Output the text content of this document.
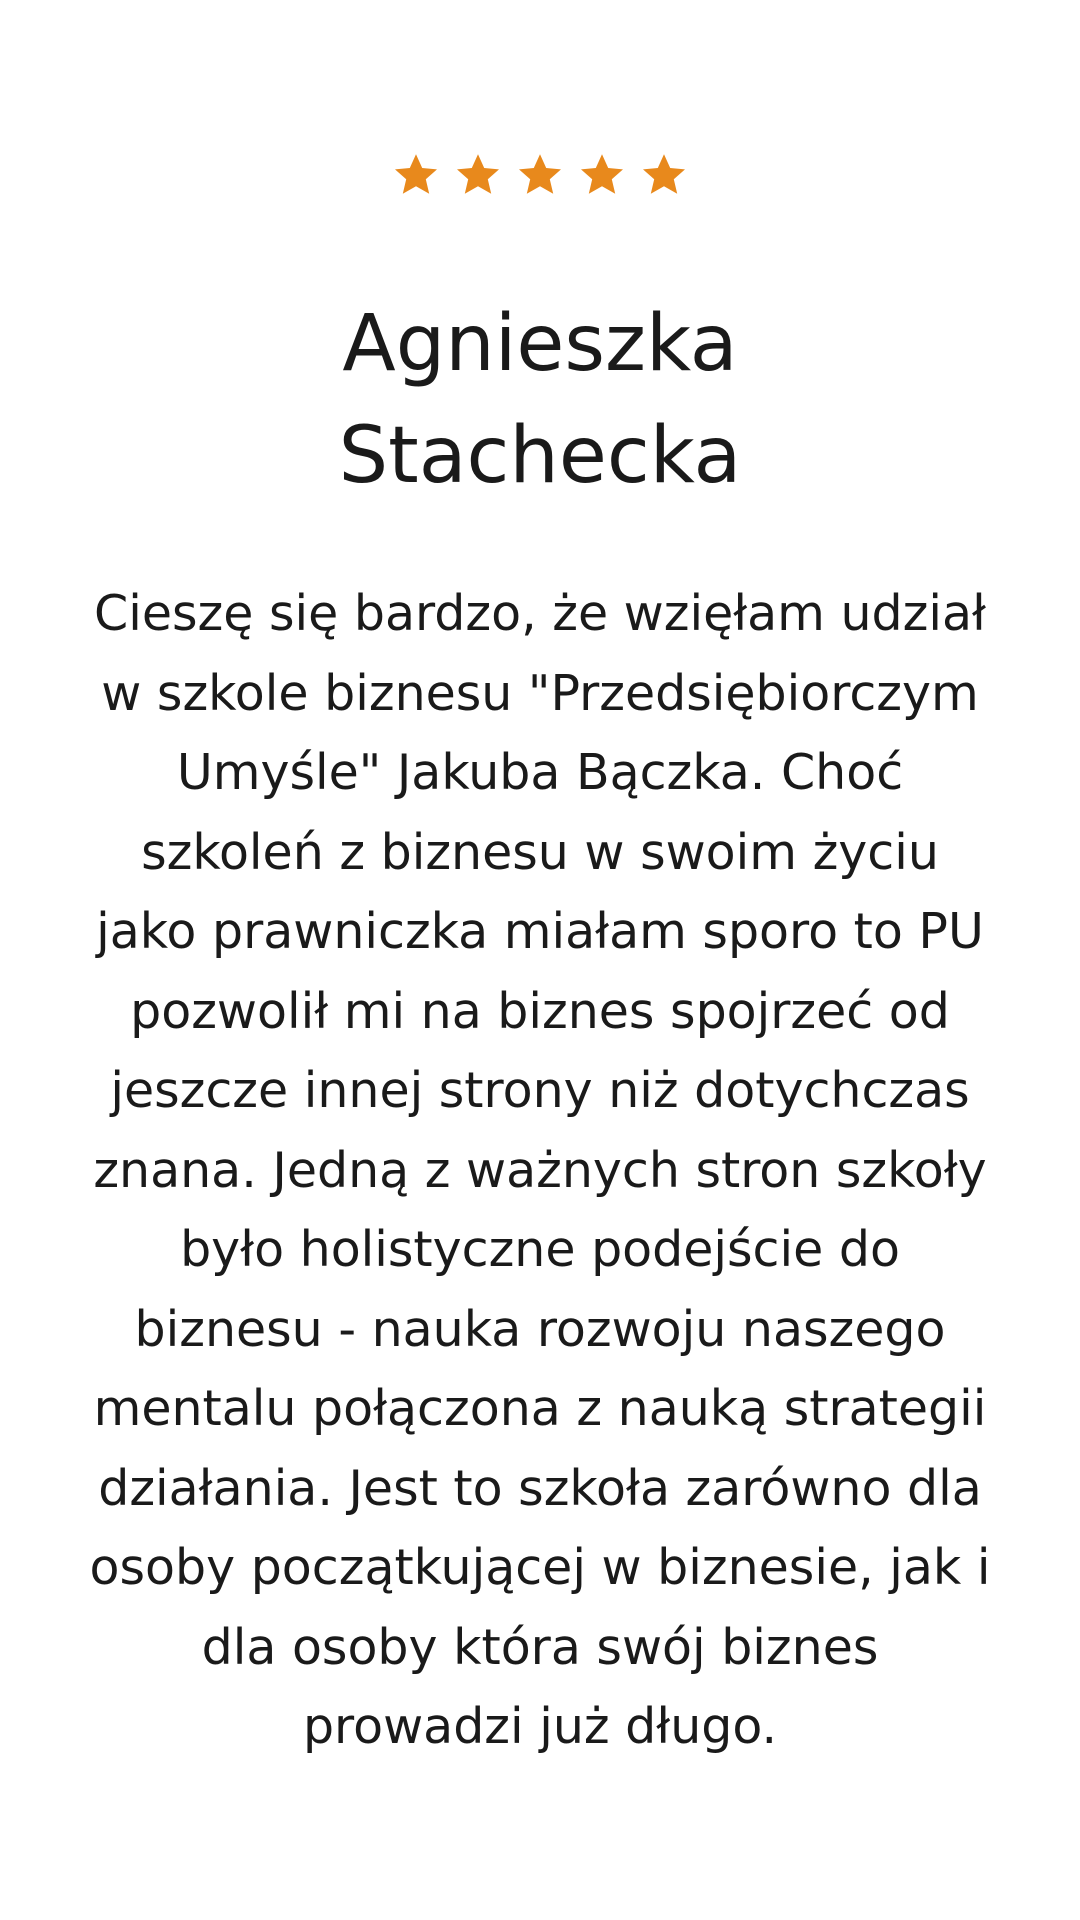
Agnieszka
Stachecka

Cieszę się bardzo, że wzięłam udział
w szkole biznesu "Przedsiębiorczym
Umyśle" Jakuba Bączka. Choć
szkoleń z biznesu w swoim życiu
jako prawniczka miałam sporo to PU
pozwolił mi na biznes spojrzeć od
jeszcze innej strony niż dotychczas
znana. Jedną z ważnych stron szkoły
było holistyczne podejście do
biznesu - nauka rozwoju naszego
mentalu połączona z nauką strategii
działania. Jest to szkoła zarówno dla
osoby początkującej w biznesie, jak i
dla osoby która swój biznes
prowadzi już długo.
